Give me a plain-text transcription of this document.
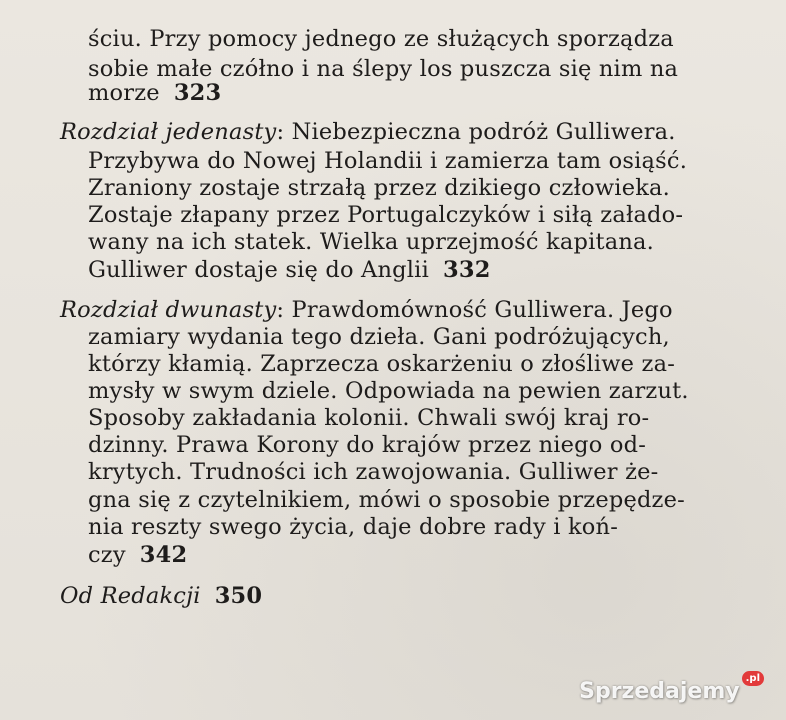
ściu. Przy pomocy jednego ze służących sporządza
sobie małe czółno i na ślepy los puszcza się nim na
morze 323
Rozdział jedenasty: Niebezpieczna podróż Gulliwera.
Przybywa do Nowej Holandii i zamierza tam osiąść.
Zraniony zostaje strzałą przez dzikiego człowieka.
Zostaje złapany przez Portugalczyków i siłą załado-
wany na ich statek. Wielka uprzejmość kapitana.
Gulliwer dostaje się do Anglii 332
Rozdział dwunasty: Prawdomówność Gulliwera. Jego
zamiary wydania tego dzieła. Gani podróżujących,
którzy kłamią. Zaprzecza oskarżeniu o złośliwe za-
mysły w swym dziele. Odpowiada na pewien zarzut.
Sposoby zakładania kolonii. Chwali swój kraj ro-
dzinny. Prawa Korony do krajów przez niego od-
krytych. Trudności ich zawojowania. Gulliwer że-
gna się z czytelnikiem, mówi o sposobie przepędze-
nia reszty swego życia, daje dobre rady i koń-
czy 342
Od Redakcji 350
Sprzedajemy
.pl
